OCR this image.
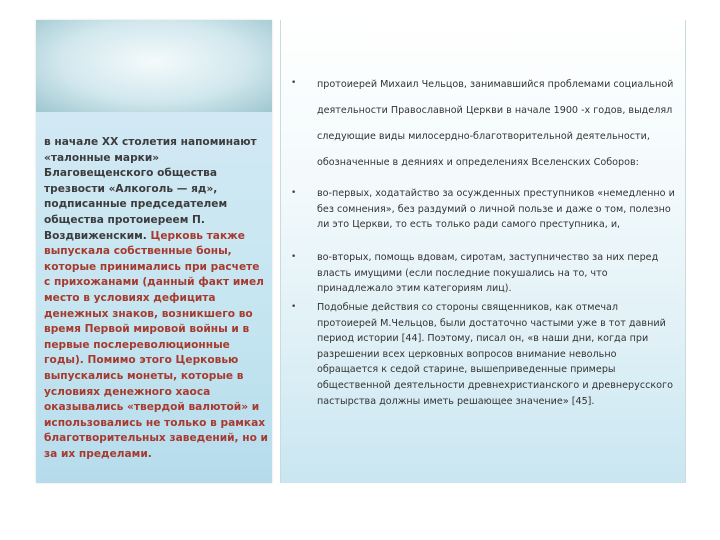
в начале XX столетия напоминают «талонные марки» Благовещенского общества трезвости «Алкоголь — яд», подписанные председателем общества протоиереем П. Воздвиженским. Церковь также выпускала собственные боны, которые принимались при расчете с прихожанами (данный факт имел место в условиях дефицита денежных знаков, возникшего во время Первой мировой войны и в первые послереволюционные годы). Помимо этого Церковью выпускались монеты, которые в условиях денежного хаоса оказывались «твердой валютой» и использовались не только в рамках благотворительных заведений, но и за их пределами.
• протоиерей Михаил Чельцов, занимавшийся проблемами социальной деятельности Православной Церкви в начале 1900 -х годов, выделял следующие виды милосердно-благотворительной деятельности, обозначенные в деяниях и определениях Вселенских Соборов:
• во-первых, ходатайство за осужденных преступников «немедленно и без сомнения», без раздумий о личной пользе и даже о том, полезно ли это Церкви, то есть только ради самого преступника, и,
• во-вторых, помощь вдовам, сиротам, заступничество за них перед власть имущими (если последние покушались на то, что принадлежало этим категориям лиц).
• Подобные действия со стороны священников, как отмечал протоиерей М.Чельцов, были достаточно частыми уже в тот давний период истории [44]. Поэтому, писал он, «в наши дни, когда при разрешении всех церковных вопросов внимание невольно обращается к седой старине, вышеприведенные примеры общественной деятельности древнехристианского и древнерусского пастырства должны иметь решающее значение» [45].
